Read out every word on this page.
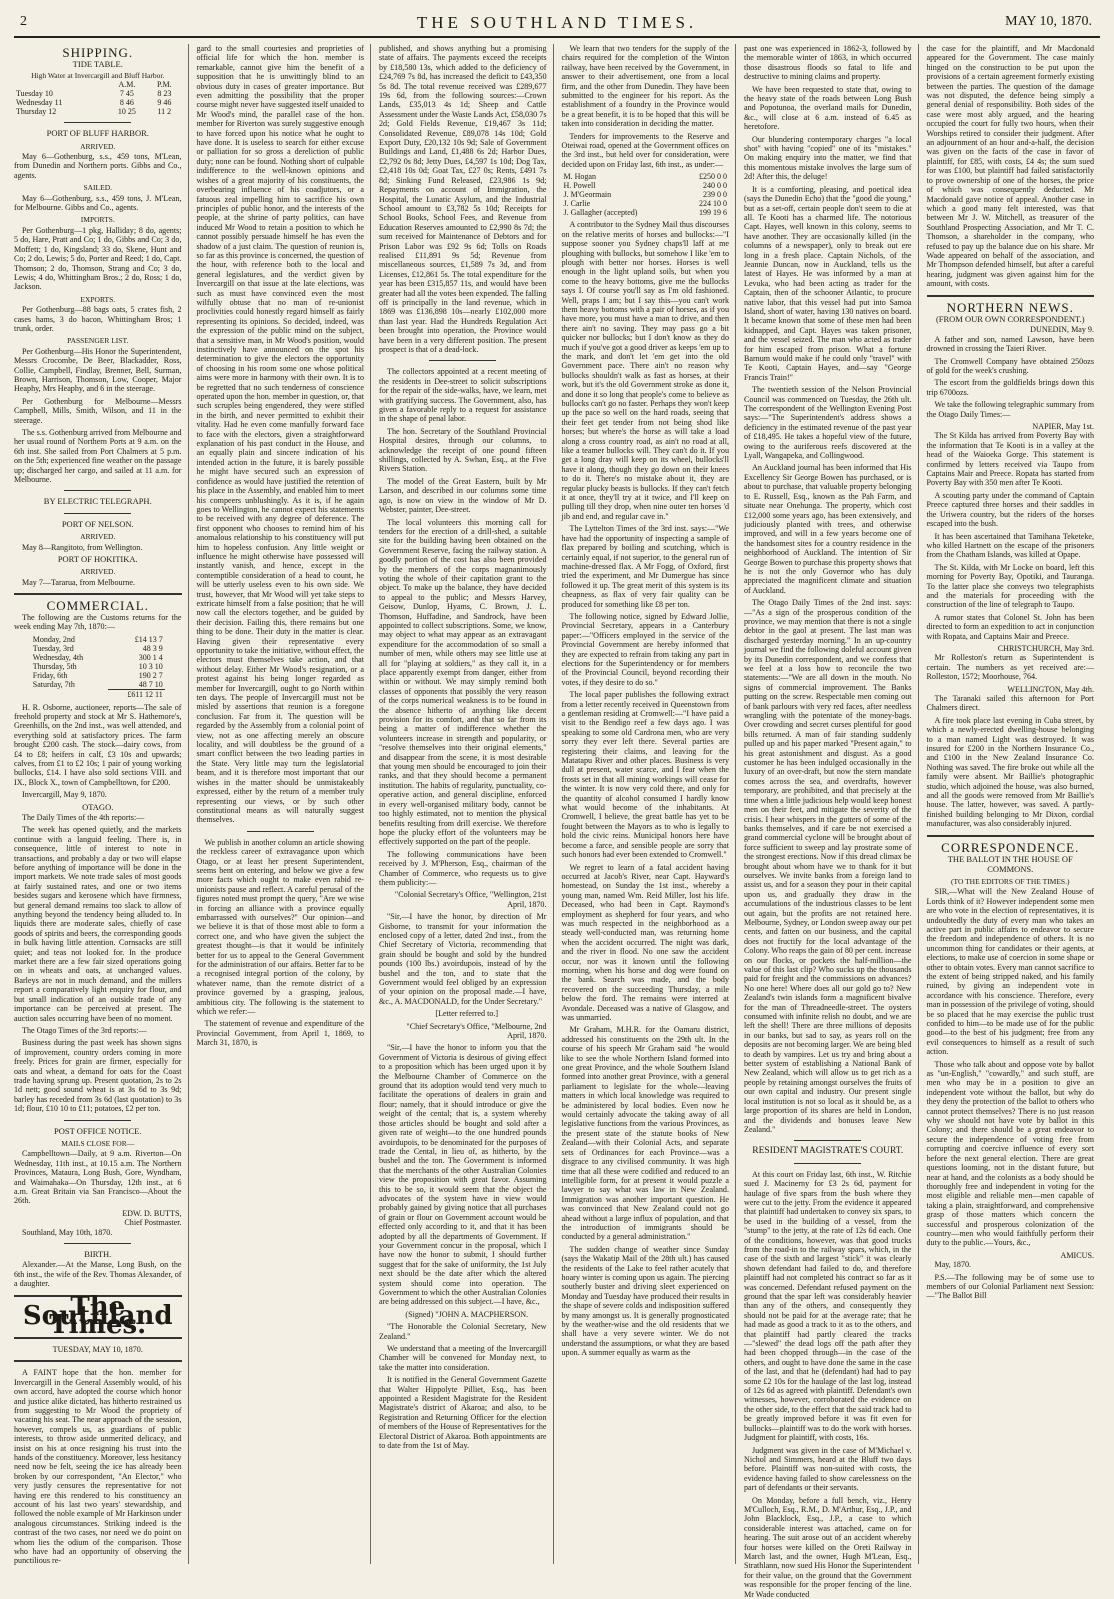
2	THE SOUTHLAND TIMES.	MAY 10, 1870.
SHIPPING.
TIDE TABLE.
High Water at Invercargill and Bluff Harbor.
	A.M.	P.M.
Tuesday 10	7 45	8 23
Wednesday 11	8 46	9 46
Thursday 12	10 25	11 2
PORT OF BLUFF HARBOR.
ARRIVED.

May 6—Gothenburg, s.s., 459 tons, M'Lean, from Dunedin and Northern ports. Gibbs and Co., agents.

SAILED.

May 6—Gothenburg, s.s., 459 tons, J. M'Lean, for Melbourne. Gibbs and Co., agents.

IMPORTS.

Per Gothenburg—1 pkg, Halliday; 8 do, agents; 5 do, Hare, Pratt and Co; 1 do, Gibbs and Co; 3 do, Moffett; 1 do, Kingsland; 33 do, Skene, Hunt and Co; 2 do, Lewis; 5 do, Porter and Reed; 1 do, Capt. Thomson; 2 do, Thomson, Strang and Co; 3 do, Lewis; 4 do, Whittingham Bros.; 2 do, Ross; 1 do, Jackson.

EXPORTS.

Per Gothenburg—88 bags oats, 5 crates fish, 2 cases hams, 3 do bacon, Whittingham Bros; 1 trunk, order.

PASSENGER LIST.

Per Gothenburg—His Honor the Superintendent, Messrs Crocombe, De Beer, Blackadder, Ross, Collie, Campbell, Findlay, Brenner, Bell, Surman, Brown, Harrison, Thomson, Low, Cooper, Major Heaphy, Mrs Heaphy, and 6 in the steerage.

Per Gothenburg for Melbourne—Messrs Campbell, Mills, Smith, Wilson, and 11 in the steerage.

The s.s. Gothenburg arrived from Melbourne and her usual round of Northern Ports at 9 a.m. on the 6th inst. She sailed from Port Chalmers at 5 p.m. on the 5th; experienced fine weather on the passage up; discharged her cargo, and sailed at 11 a.m. for Melbourne.

BY ELECTRIC TELEGRAPH.
PORT OF NELSON.
ARRIVED.

May 8—Rangitoto, from Wellington.

PORT OF HOKITIKA.
ARRIVED.

May 7—Tararua, from Melbourne.

COMMERCIAL.

The following are the Customs returns for the week ending May 7th, 1870:—

Monday, 2nd	£14 13 7
Tuesday, 3rd	48 3 9
Wednesday, 4th	300 1 4
Thursday, 5th	10 3 10
Friday, 6th	190 2 7
Saturday, 7th	48 7 10
	£611 12 11

H. R. Osborne, auctioneer, reports—The sale of freehold property and stock at Mr S. Hathemore's, Greenhills, on the 2nd inst., was well attended, and everything sold at satisfactory prices. The farm brought £200 cash. The stock—dairy cows, from £4 to £8; heifers in calf, £3 10s and upwards; calves, from £1 to £2 10s; 1 pair of young working bullocks, £14. I have also sold sections VIII. and IX., Block X., town of Campbelltown, for £200.

Invercargill, May 9, 1870.

OTAGO.

The Daily Times of the 4th reports:—

The week has opened quietly, and the markets continue with a languid feeling. There is, in consequence, little of interest to note in transactions, and probably a day or two will elapse before anything of importance will be done in the import markets. We note trade sales of most goods at fairly sustained rates, and one or two items besides sugars and kerosene which have firmness, but general demand remains too slack to allow of anything beyond the tendency being alluded to. In liquids there are moderate sales, chiefly of case goods of spirits and beers, the corresponding goods in bulk having little attention. Cornsacks are still quiet; and teas not looked for. In the produce market there are a few fair sized operations going on in wheats and oats, at unchanged values. Barleys are not in much demand, and the millers report a comparatively light enquiry for flour, and but small indication of an outside trade of any importance can be perceived at present. The auction sales occurring have been of no moment.

The Otago Times of the 3rd reports:—

Business during the past week has shown signs of improvement, country orders coming in more freely. Prices for grain are firmer, especially for oats and wheat, a demand for oats for the Coast trade having sprung up. Present quotation, 2s to 2s 1d nett; good sound wheat is at 3s 6d to 3s 9d; barley has receded from 3s 6d (last quotation) to 3s 1d; flour, £10 10 to £11; potatoes, £2 per ton.

POST OFFICE NOTICE.
MAILS CLOSE FOR—

Campbelltown—Daily, at 9 a.m. Riverton—On Wednesday, 11th inst., at 10.15 a.m. The Northern Provinces, Mataura, Long Bush, Gore, Wyndham, and Waimahaka—On Thursday, 12th inst., at 6 a.m. Great Britain via San Francisco—About the 26th.

EDW. D. BUTTS,
Chief Postmaster.

Southland, May 10th, 1870.

BIRTH.

Alexander.—At the Manse, Long Bush, on the 6th inst., the wife of the Rev. Thomas Alexander, of a daughter.

The Southland Times.
TUESDAY, MAY 10, 1870.

A FAINT hope that the hon. member for Invercargill in the General Assembly would, of his own accord, have adopted the course which honor and justice alike dictated, has hitherto restrained us from suggesting to Mr Wood the propriety of vacating his seat. The near approach of the session, however, compels us, as guardians of public interests, to throw aside unmerited delicacy, and insist on his at once resigning his trust into the hands of the constituency. Moreover, less hesitancy need now be felt, seeing the ice has already been broken by our correspondent, "An Elector," who very justly censures the representative for not having ere this rendered to his constituency an account of his last two years' stewardship, and followed the noble example of Mr Harkinson under analogous circumstances. Striking indeed is the contrast of the two cases, nor need we do point on whom lies the odium of the comparison. Those who have had an opportunity of observing the punctilious re-

gard to the small courtesies and proprieties of official life for which the hon. member is remarkable, cannot give him the benefit of a supposition that he is unwittingly blind to an obvious duty in cases of greater importance. But even admitting the possibility that the proper course might never have suggested itself unaided to Mr Wood's mind, the parallel case of the hon. member for Riverton was surely suggestive enough to have forced upon his notice what he ought to have done. It is useless to search for either excuse or palliation for so gross a dereliction of public duty; none can be found. Nothing short of culpable indifference to the well-known opinions and wishes of a great majority of his constituents, the overbearing influence of his coadjutors, or a fatuous zeal impelling him to sacrifice his own principles of public honor, and the interests of the people, at the shrine of party politics, can have induced Mr Wood to retain a position to which he cannot possibly persuade himself he has even the shadow of a just claim. The question of reunion is, so far as this province is concerned, the question of the hour, with reference both to the local and general legislatures, and the verdict given by Invercargill on that issue at the late elections, was such as must have convinced even the most wilfully obtuse that no man of re-unionist proclivities could honestly regard himself as fairly representing its opinions. So decided, indeed, was the expression of the public mind on the subject, that a sensitive man, in Mr Wood's position, would instinctively have announced on the spot his determination to give the electors the opportunity of choosing in his room some one whose political aims were more in harmony with their own. It is to be regretted that no such tenderness of conscience operated upon the hon. member in question, or, that such scruples being engendered, they were stifled in the birth, and never permitted to exhibit their vitality. Had he even come manfully forward face to face with the electors, given a straightforward explanation of his past conduct in the House, and an equally plain and sincere indication of his intended action in the future, it is barely possible he might have secured such an expression of confidence as would have justified the retention of his place in the Assembly, and enabled him to meet his compeers unblushingly. As it is, if he again goes to Wellington, he cannot expect his statements to be received with any degree of deference. The first opponent who chooses to remind him of his anomalous relationship to his constituency will put him to hopeless confusion. Any little weight or influence he might otherwise have possessed will instantly vanish, and hence, except in the contemptible consideration of a head to count, he will be utterly useless even to his own side. We trust, however, that Mr Wood will yet take steps to extricate himself from a false position; that he will now call the electors together, and be guided by their decision. Failing this, there remains but one thing to be done. Their duty in the matter is clear. Having given their representative every opportunity to take the initiative, without effect, the electors must themselves take action, and that without delay. Either Mr Wood's resignation, or a protest against his being longer regarded as member for Invercargill, ought to go North within ten days. The people of Invercargill must not be misled by assertions that reunion is a foregone conclusion. Far from it. The question will be regarded by the Assembly from a colonial point of view, not as one affecting merely an obscure locality, and will doubtless be the ground of a smart conflict between the two leading parties in the State. Very little may turn the legislatorial beam, and it is therefore most important that our wishes in the matter should be unmistakeably expressed, either by the return of a member truly representing our views, or by such other constitutional means as will naturally suggest themselves.

We publish in another column an article showing the reckless career of extravagance upon which Otago, or at least her present Superintendent, seems bent on entering, and below we give a few more facts which ought to make even rabid re-unionists pause and reflect. A careful perusal of the figures noted must prompt the query, "Are we wise in forcing an alliance with a province equally embarrassed with ourselves?" Our opinion—and we believe it is that of those most able to form a correct one, and who have given the subject the greatest thought—is that it would be infinitely better for us to appeal to the General Government for the administration of our affairs. Better far to be a recognised integral portion of the colony, by whatever name, than the remote district of a province governed by a grasping, jealous, ambitious city. The following is the statement to which we refer:—

The statement of revenue and expenditure of the Provincial Government, from April 1, 1869, to March 31, 1870, is

published, and shows anything but a promising state of affairs. The payments exceed the receipts by £18,580 13s, which added to the deficiency of £24,769 7s 8d, has increased the deficit to £43,350 5s 8d. The total revenue received was £289,677 19s 6d, from the following sources:—Crown Lands, £35,013 4s 1d; Sheep and Cattle Assessment under the Waste Lands Act, £58,030 7s 2d; Gold Fields Revenue, £19,467 3s 11d; Consolidated Revenue, £89,078 14s 10d; Gold Export Duty, £20,132 10s 9d; Sale of Government Buildings and Land, £1,488 6s 2d; Harbor Dues, £2,792 0s 8d; Jetty Dues, £4,597 1s 10d; Dog Tax, £2,418 10s 0d; Goat Tax, £27 0s; Rents, £491 7s 8d; Sinking Fund Released, £23,986 1s 9d; Repayments on account of Immigration, the Hospital, the Lunatic Asylum, and the Industrial School amount to £3,782 5s 10d; Receipts for School Books, School Fees, and Revenue from Education Reserves amounted to £2,990 8s 7d; the sum received for Maintenance of Debtors and for Prison Labor was £92 9s 6d; Tolls on Roads realised £11,891 9s 5d; Revenue from miscellaneous sources, £1,589 7s 3d, and from Licenses, £12,861 5s. The total expenditure for the year has been £315,857 11s, and would have been greater had all the votes been expended. The falling off is principally in the land revenue, which in 1869 was £136,898 10s—nearly £102,000 more than last year. Had the Hundreds Regulation Act been brought into operation, the Province would have been in a very different position. The present prospect is that of a dead-lock.

The collectors appointed at a recent meeting of the residents in Dee-street to solicit subscriptions for the repair of the side-walks, have, we learn, met with gratifying success. The Government, also, has given a favorable reply to a request for assistance in the shape of penal labor.

The hon. Secretary of the Southland Provincial Hospital desires, through our columns, to acknowledge the receipt of one pound fifteen shillings, collected by A. Swhan, Esq., at the Five Rivers Station.

The model of the Great Eastern, built by Mr Larson, and described in our columns some time ago, is now on view in the window of Mr D. Webster, painter, Dee-street.

The local volunteers this morning call for tenders for the erection of a drill-shed, a suitable site for the building having been obtained on the Government Reserve, facing the railway station. A goodly portion of the cost has also been provided by the members of the corps magnanimously voting the whole of their capitation grant to the object. To make up the balance, they have decided to appeal to the public; and Messrs Harvey, Geisow, Dunlop, Hyams, C. Brown, J. L. Thomson, Huffadine, and Sandrock, have been appointed to collect subscriptions. Some, we know, may object to what may appear as an extravagant expenditure for the accommodation of so small a number of men, while others may see little use at all for "playing at soldiers," as they call it, in a place apparently exempt from danger, either from within or without. We may simply remind both classes of opponents that possibly the very reason of the corps numerical weakness is to be found in the absence hitherto of anything like decent provision for its comfort, and that so far from its being a matter of indifference whether the volunteers increase in strength and popularity, or "resolve themselves into their original elements," and disappear from the scene, it is most desirable that young men should be encouraged to join their ranks, and that they should become a permanent institution. The habits of regularity, punctuality, co-operative action, and general discipline, enforced in every well-organised military body, cannot be too highly estimated, not to mention the physical benefits resulting from drill exercise. We therefore hope the plucky effort of the volunteers may be effectively supported on the part of the people.

The following communications have been received by J. M'Pherson, Esq., chairman of the Chamber of Commerce, who requests us to give them publicity:—

"Colonial Secretary's Office, "Wellington, 21st April, 1870.

"Sir,—I have the honor, by direction of Mr Gisborne, to transmit for your information the enclosed copy of a letter, dated 2nd inst., from the Chief Secretary of Victoria, recommending that grain should be bought and sold by the hundred pounds (100 lbs.) avoirdupois, instead of by the bushel and the ton, and to state that the Government would feel obliged by an expression of your opinion on the proposal made.—I have, &c., A. MACDONALD, for the Under Secretary."

[Letter referred to.]

"Chief Secretary's Office, "Melbourne, 2nd April, 1870.

"Sir,—I have the honor to inform you that the Government of Victoria is desirous of giving effect to a proposition which has been urged upon it by the Melbourne Chamber of Commerce on the ground that its adoption would tend very much to facilitate the operations of dealers in grain and flour; namely, that it should introduce or give the weight of the cental; that is, a system whereby those articles should be bought and sold after a given rate of weight—to the one hundred pounds avoirdupois, to be denominated for the purposes of trade the Cental, in lieu of, as hitherto, by the bushel and the ton. The Government is informed that the merchants of the other Australian Colonies view the proposition with great favor. Assuming this to be so, it would seem that the object the advocates of the system have in view would probably gained by giving notice that all purchases of grain or flour on Government account would be effected only according to it, and that it has been adopted by all the departments of Government. If your Government concur in the proposal, which I have now the honor to submit, I should further suggest that for the sake of uniformity, the 1st July next should be the date after which the altered system should come into operation. The Government to which the other Australian Colonies are being addressed on this subject.—I have, &c.,

(Signed) "JOHN A. MACPHERSON.

"The Honorable the Colonial Secretary, New Zealand."

We understand that a meeting of the Invercargill Chamber will be convened for Monday next, to take the matter into consideration.

It is notified in the General Government Gazette that Walter Hippolyte Pilliet, Esq., has been appointed a Resident Magistrate for the Resident Magistrate's district of Akaroa; and also, to be Registration and Returning Officer for the election of members of the House of Representatives for the Electoral District of Akaroa. Both appointments are to date from the 1st of May.

We learn that two tenders for the supply of the chairs required for the completion of the Winton railway, have been received by the Government, in answer to their advertisement, one from a local firm, and the other from Dunedin. They have been submitted to the engineer for his report. As the establishment of a foundry in the Province would be a great benefit, it is to be hoped that this will be taken into consideration in deciding the matter.

Tenders for improvements to the Reserve and Oteiwai road, opened at the Government offices on the 3rd inst., but held over for consideration, were decided upon on Friday last, 6th inst., as under:—

M. Hogan	£250 0 0
H. Powell	240 0 0
J. M'Geormain	239 0 0
J. Carlie	224 10 0
J. Gallagher (accepted)	199 19 6

A contributor to the Sydney Mail thus discourses on the relative merits of horses and bullocks:—"I suppose sooner you Sydney chaps'll laff at me ploughing with bullocks, but somehow I like 'em to plough with better nor horses. Horses is well enough in the light upland soils, but when you come to the heavy bottoms, give me the bullocks says I. Of course you'll say as I'm old fashioned. Well, praps I am; but I say this—you can't work them heavy bottoms with a pair of horses, as if you have more, you must have a man to drive, and then there ain't no saving. They may pass go a bit quicker nor bullocks; but I don't know as they do much if you've got a good driver as keeps 'em up to the mark, and don't let 'em get into the old Government pace. There ain't no reason why bullocks shouldn't walk as fast as horses, at their work, but it's the old Government stroke as done it, and done it so long that people's come to believe as bullocks can't go no faster. Perhaps they won't keep up the pace so well on the hard roads, seeing that their feet get tender from not being shod like horses; but where's the horse as will take a load along a cross country road, as ain't no road at all, like a teamer bullocks will. They can't do it. If you get a long dray will keep on its wheel, bullocks'll have it along, though they go down on their knees to do it. There's no mistake about it, they are regular plucky beasts is bullocks. If they can't fetch it at once, they'll try at it twice, and I'll keep on pulling till they drop, when nine outer ten horses 'd jib and end, and regular cave in."

The Lyttelton Times of the 3rd inst. says:—"We have had the opportunity of inspecting a sample of flax prepared by boiling and scutching, which is certainly equal, if not superior, to the general run of machine-dressed flax. A Mr Fogg, of Oxford, first tried the experiment, and Mr Dumergue has since followed it up. The great merit of this system is its cheapness, as flax of very fair quality can be produced for something like £8 per ton.

The following notice, signed by Edward Jollie, Provincial Secretary, appears in a Canterbury paper:—"Officers employed in the service of the Provincial Government are hereby informed that they are expected to refrain from taking any part in elections for the Superintendency or for members of the Provincial Council, beyond recording their votes, if they desire to do so."

The local paper publishes the following extract from a letter recently received in Queenstown from a gentleman residing at Cromwell:—"I have paid a visit to the Bendigo reef a few days ago. I was speaking to some old Cardrona men, who are very sorry they ever left there. Several parties are registering their claims, and leaving for the Matatapu River and other places. Business is very dull at present, water scarce, and I fear when the frosts set in that all mining workings will cease for the winter. It is now very cold there, and only for the quantity of alcohol consumed I hardly know what would become of the inhabitants. At Cromwell, I believe, the great battle has yet to be fought between the Mayors as to who is legally to hold the civic reins. Municipal honors here have become a farce, and sensible people are sorry that such honors had ever been extended to Cromwell."

We regret to learn of a fatal accident having occurred at Jacob's River, near Capt. Hayward's homestead, on Sunday the 1st inst., whereby a young man, named Wm. Reid Miller, lost his life. Deceased, who had been in Capt. Raymond's employment as shepherd for four years, and who was much respected in the neighborhood as a steady well-conducted man, was returning home when the accident occurred. The night was dark, and the river in flood. No one saw the accident occur, nor was it known until the following morning, when his horse and dog were found on the bank. Search was made, and the body recovered on the succeeding Thursday, a mile below the ford. The remains were interred at Avondale. Deceased was a native of Glasgow, and was unmarried.

Mr Graham, M.H.R. for the Oamaru district, addressed his constituents on the 29th ult. In the course of his speech Mr Graham said "he would like to see the whole Northern Island formed into one great Province, and the whole Southern Island formed into another great Province, with a general parliament to legislate for the whole—leaving matters in which local knowledge was required to be administered by local bodies. Even now he would certainly advocate the taking away of all legislative functions from the various Provinces, as the present state of the statute books of New Zealand—with their Colonial Acts, and separate sets of Ordinances for each Province—was a disgrace to any civilised community. It was high time that all these were codified and reduced to an intelligible form, for at present it would puzzle a lawyer to say what was law in New Zealand. Immigration was another important question. He was convinced that New Zealand could not go ahead without a large influx of population, and that the introduction of immigrants should be conducted by a general administration."

The sudden change of weather since Sunday (says the Wakatip Mail of the 28th ult.) has caused the residents of the Lake to feel rather acutely that hoary winter is coming upon us again. The piercing southerly buster and driving sleet experienced on Monday and Tuesday have produced their results in the shape of severe colds and indisposition suffered by many amongst us. It is generally prognosticated by the weather-wise and the old residents that we shall have a very severe winter. We do not understand the assumptions, or what they are based upon. A summer equally as warm as the

past one was experienced in 1862-3, followed by the memorable winter of 1863, in which occurred those disastrous floods so fatal to life and destructive to mining claims and property.

We have been requested to state that, owing to the heavy state of the roads between Long Bush and Popotunoa, the overland mails for Dunedin, &c., will close at 6 a.m. instead of 6.45 as heretofore.

Our blundering contemporary charges "a local shot" with having "copied" one of its "mistakes." On making enquiry into the matter, we find that this momentous mistake involves the large sum of 2d! After this, the deluge!

It is a comforting, pleasing, and poetical idea (says the Dunedin Echo) that the "good die young," but as a set-off, certain people don't seem to die at all. Te Kooti has a charmed life. The notorious Capt. Hayes, well known in this colony, seems to have another. They are occasionally killed (in the columns of a newspaper), only to break out ere long in a fresh place. Captain Nichols, of the Jeannie Duncan, now in Auckland, tells us the latest of Hayes. He was informed by a man at Levuka, who had been acting as trader for the Captain, then of the schooner Atlantic, to procure native labor, that this vessel had put into Samoa Island, short of water, having 130 natives on board. It became known that some of these men had been kidnapped, and Capt. Hayes was taken prisoner, and the vessel seized. The man who acted as trader for him escaped from prison. What a fortune Barnum would make if he could only "travel" with Te Kooti, Captain Hayes, and—say "George Francis Train!"

The twentieth session of the Nelson Provincial Council was commenced on Tuesday, the 26th ult. The correspondent of the Wellington Evening Post says:—"The Superintendent's address shows a deficiency in the estimated revenue of the past year of £18,495. He takes a hopeful view of the future, owing to the auriferous reefs discovered at the Lyall, Wangapeka, and Collingwood.

An Auckland journal has been informed that His Excellency Sir George Bowen has purchased, or is about to purchase, that valuable property belonging to E. Russell, Esq., known as the Pah Farm, and situate near Onehunga. The property, which cost £12,000 some years ago, has been extensively, and judiciously planted with trees, and otherwise improved, and will in a few years become one of the handsomest sites for a country residence in the neighborhood of Auckland. The intention of Sir George Bowen to purchase this property shows that he is not the only Governor who has duly appreciated the magnificent climate and situation of Auckland.

The Otago Daily Times of the 2nd inst. says:—"As a sign of the prosperous condition of the province, we may mention that there is not a single debtor in the gaol at present. The last man was discharged yesterday morning." In an up-country journal we find the following doleful account given by its Dunedin correspondent, and we confess that we feel at a loss how to reconcile the two statements:—"We are all down in the mouth. No signs of commercial improvement. The Banks putting on the screw. Respectable men coming out of bank parlours with very red faces, after needless wrangling with the potentate of the money-bags. Over crowding and secret curses plentiful for good bills returned. A man of fair standing suddenly pulled up and his paper marked "Present again," to his great astonishment and disgust. As a good customer he has been indulged occasionally in the luxury of an over-draft, but now the stern mandate comes across the sea, and overdrafts, however temporary, are prohibited, and that precisely at the time when a little judicious help would keep honest men on their feet, and mitigate the severity of the crisis. I hear whispers in the gutters of some of the banks themselves, and if care be not exercised a grand commercial cyclone will be brought about of force sufficient to sweep and lay prostrate some of the strongest erections. Now if this dread climax be brought about whom have we to thank for it but ourselves. We invite banks from a foreign land to assist us, and for a season they pour in their capital upon us, and gradually they draw in the accumulations of the industrious classes to be lent out again, but the profits are not retained here. Melbourne, Sydney, or London sweep away our pet cents, and fatten on our business, and the capital does not fructify for the local advantage of the Colony. Who reaps the gain of 80 per cent. increase on our flocks, or pockets the half-million—the value of this last clip? Who sucks up the thousands paid for freight and the commissions on advances? No one here! Where does all our gold go to? New Zealand's twin islands form a magnificent bivalve for the man of Threadneedle-street. The oysters consumed with infinite relish no doubt, and we are left the shell! There are three millions of deposits in our banks, but sad to say, as years roll on the deposits are not becoming larger. We are being bled to death by vampires. Let us try and bring about a better system of establishing a National Bank of New Zealand, which will allow us to get rich as a people by retaining amongst ourselves the fruits of our own capital and industry. Our present single local institution is not so local as it should be, as a large proportion of its shares are held in London, and the dividends and bonuses leave New Zealand."

RESIDENT MAGISTRATE'S COURT.

At this court on Friday last, 6th inst., W. Ritchie sued J. Macinerny for £3 2s 6d, payment for haulage of five spars from the bush where they were cut to the jetty. From the evidence it appeared that plaintiff had undertaken to convey six spars, to be used in the building of a vessel, from the "stump" to the jetty, at the rate of 12s 6d each. One of the conditions, however, was that good trucks from the road-in to the railway spars, which, in the case of the sixth and largest "stick" it was clearly shown defendant had failed to do, and therefore plaintiff had not completed his contract so far as it was concerned. Defendant refused payment on the ground that the spar left was considerably heavier than any of the others, and consequently they should not be paid for at the average rate; that he had made as good a track to it as to the others, and that plaintiff had partly cleared the tracks—"slewed" the dead logs off the path after they had been chopped through—in the case of the others, and ought to have done the same in the case of the last, and that he (defendant) had had to pay some £2 10s for the haulage of the last log, instead of 12s 6d as agreed with plaintiff. Defendant's own witnesses, however, corroborated the evidence on the other side, to the effect that the said track had to be greatly improved before it was fit even for bullocks—plaintiff was to do the work with horses. Judgment for plaintiff, with costs, 16s.

Judgment was given in the case of M'Michael v. Nichol and Simmers, heard at the Bluff two days before. Plaintiff was non-suited with costs, the evidence having failed to show carelessness on the part of defendants or their servants.

On Monday, before a full bench, viz., Henry M'Culloch, Esq., R.M., D. M'Arthur, Esq., J.P., and John Blacklock, Esq., J.P., a case to which considerable interest was attached, came on for hearing. The suit arose out of an accident whereby four horses were killed on the Oreti Railway in March last, and the owner, Hugh M'Lean, Esq., Strathlann, now sued His Honor the Superintendent for their value, on the ground that the Government was responsible for the proper fencing of the line. Mr Wade conducted

the case for the plaintiff, and Mr Macdonald appeared for the Government. The case mainly hinged on the construction to be put upon the provisions of a certain agreement formerly existing between the parties. The question of the damage was not disputed, the defence being simply a general denial of responsibility. Both sides of the case were most ably argued, and the hearing occupied the court for fully two hours, when their Worships retired to consider their judgment. After an adjournment of an hour and-a-half, the decision was given on the facts of the case in favor of plaintiff, for £85, with costs, £4 4s; the sum sued for was £100, but plaintiff had failed satisfactorily to prove ownership of one of the horses, the price of which was consequently deducted. Mr Macdonald gave notice of appeal. Another case in which a good many felt interested, was that between Mr J. W. Mitchell, as treasurer of the Southland Prospecting Association, and Mr T. C. Thomson, a shareholder in the company, who refused to pay up the balance due on his share. Mr Wade appeared on behalf of the association, and Mr Thompson defended himself, but after a careful hearing, judgment was given against him for the amount, with costs.

NORTHERN NEWS.
(FROM OUR OWN CORRESPONDENT.)
DUNEDIN, May 9.

A father and son, named Lawson, have been drowned in crossing the Taieri River.

The Cromwell Company have obtained 250ozs of gold for the week's crushing.

The escort from the goldfields brings down this trip 6700ozs.

We take the following telegraphic summary from the Otago Daily Times:—

NAPIER, May 1st.

The St Kilda has arrived from Poverty Bay with the information that Te Kooti is in a valley at the head of the Waioeka Gorge. This statement is confirmed by letters received via Taupo from Captains Mair and Preece. Ropata has started from Poverty Bay with 350 men after Te Kooti.

A scouting party under the command of Captain Preece captured three horses and their saddles in the Uriwera country, but the riders of the horses escaped into the bush.

It has been ascertained that Tamihana Teketeke, who killed Hartnett on the escape of the prisoners from the Chatham Islands, was killed at Opape.

The St. Kilda, with Mr Locke on board, left this morning for Poverty Bay, Opotiki, and Tauranga. To the latter place she conveys two telegraphists and the materials for proceeding with the construction of the line of telegraph to Taupo.

A rumor states that Colonel St. John has been directed to form an expedition to act in conjunction with Ropata, and Captains Mair and Preece.

CHRISTCHURCH, May 3rd.

Mr Rolleston's return as Superintendent is certain. The numbers as yet received are:—Rolleston, 1572; Moorhouse, 764.

WELLINGTON, May 4th.

The Taranaki sailed this afternoon for Port Chalmers direct.

A fire took place last evening in Cuba street, by which a newly-erected dwelling-house belonging to a man named Light was destroyed. It was insured for £200 in the Northern Insurance Co., and £100 in the New Zealand Insurance Co. Nothing was saved. The fire broke out while all the family were absent. Mr Baillie's photographic studio, which adjoined the house, was also burned, and all the goods were removed from Mr Baillie's house. The latter, however, was saved. A partly-finished building belonging to Mr Dixon, cordial manufacturer, was also considerably injured.

CORRESPONDENCE.
THE BALLOT IN THE HOUSE OF COMMONS.
(TO THE EDITORS OF THE TIMES.)

SIR,—What will the New Zealand House of Lords think of it? However independent some men are who vote in the election of representatives, it is undoubtedly the duty of every man who takes an active part in public affairs to endeavor to secure the freedom and independence of others. It is no uncommon thing for candidates or their agents, at elections, to make use of coercion in some shape or other to obtain votes. Every man cannot sacrifice to the extent of being stripped naked, and his family ruined, by giving an independent vote in accordance with his conscience. Therefore, every man in possession of the privilege of voting, should be so placed that he may exercise the public trust confided to him—to be made use of for the public good—to the best of his judgment; free from any evil consequences to himself as a result of such action.

Those who talk about and oppose vote by ballot as "un-English," "cowardly," and such stuff, are men who may be in a position to give an independent vote without the ballot, but why do they deny the protection of the ballot to others who cannot protect themselves? There is no just reason why we should not have vote by ballot in this Colony; and there should be a great endeavor to secure the independence of voting free from corrupting and coercive influence of every sort before the next general election. There are great questions looming, not in the distant future, but near at hand, and the colonists as a body should be thoroughly free and independent in voting for the most eligible and reliable men—men capable of taking a plain, straightforward, and comprehensive grasp of those matters which concern the successful and prosperous colonization of the country—men who would faithfully perform their duty to the public.—Yours, &c.,

AMICUS.

May, 1870.

P.S.—The following may be of some use to members of our Colonial Parliament next Session:—"The Ballot Bill
